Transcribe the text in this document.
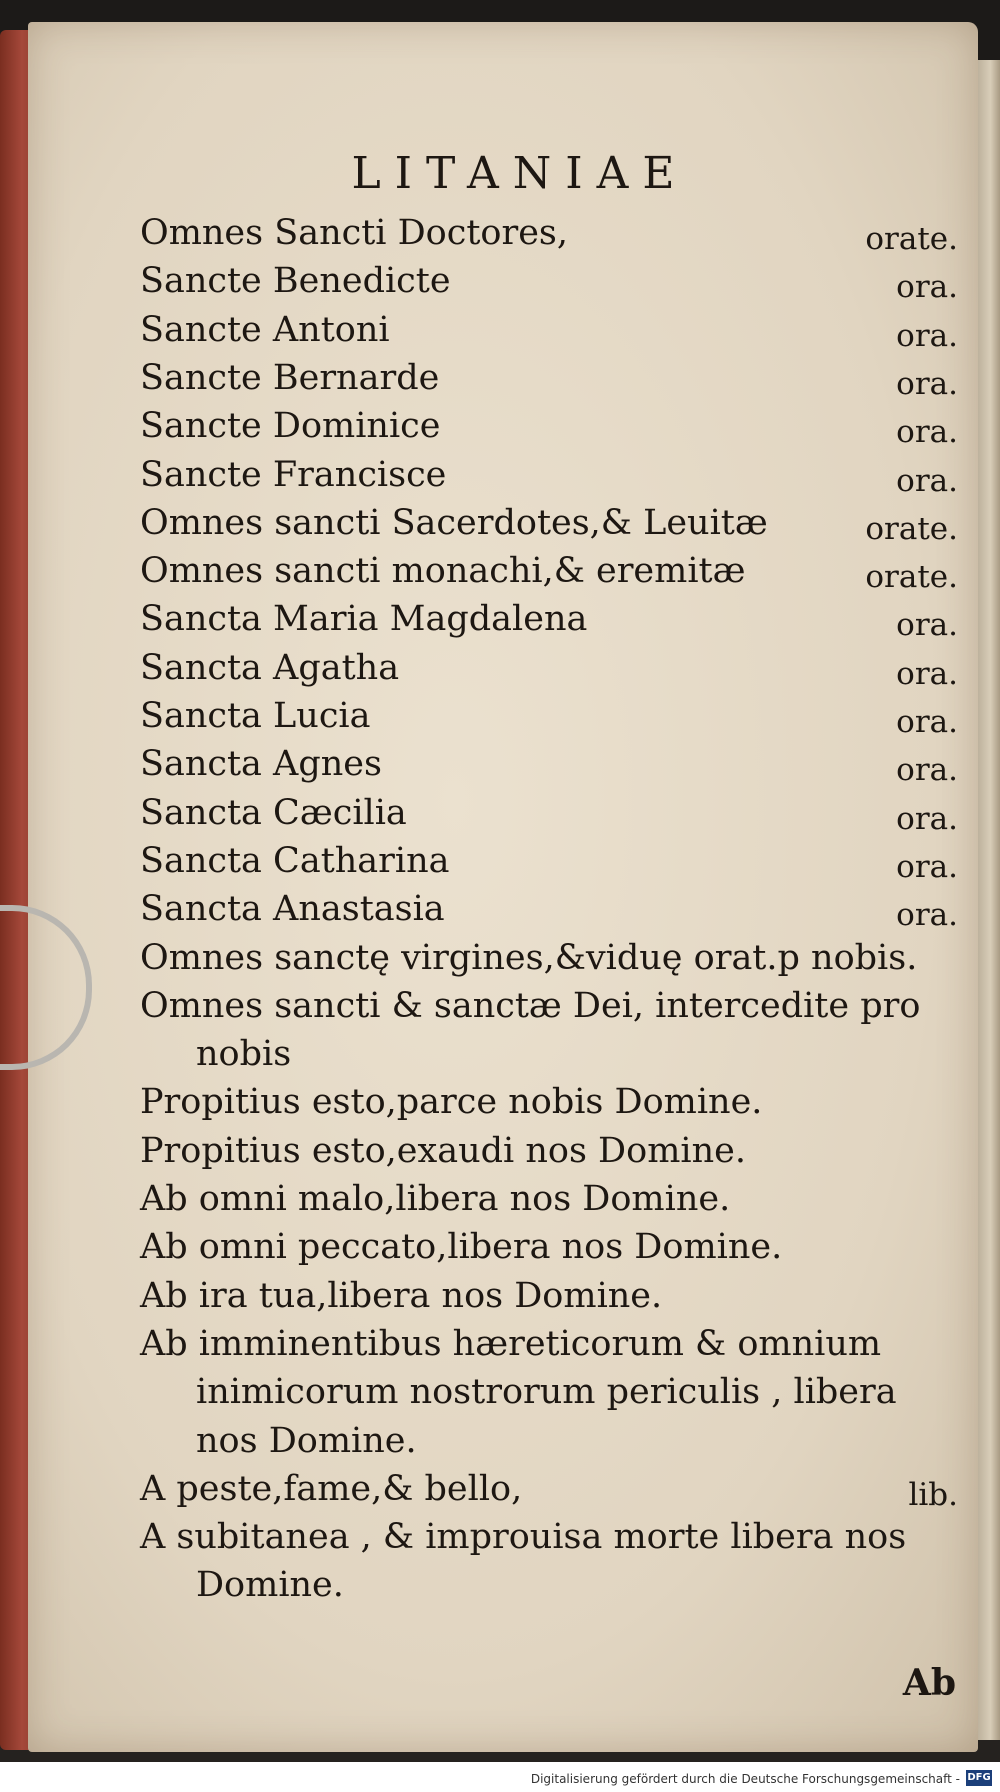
LITANIAE
Omnes Sancti Doctores,	orate.
Sancte Benedicte	ora.
Sancte Antoni	ora.
Sancte Bernarde	ora.
Sancte Dominice	ora.
Sancte Francisce	ora.
Omnes sancti Sacerdotes,& Leuitæ	orate.
Omnes sancti monachi,& eremitæ	orate.
Sancta Maria Magdalena	ora.
Sancta Agatha	ora.
Sancta Lucia	ora.
Sancta Agnes	ora.
Sancta Cæcilia	ora.
Sancta Catharina	ora.
Sancta Anastasia	ora.
Omnes sanctę virgines,&viduę orat.p nobis.
Omnes sancti & sanctæ Dei, intercedite pro
nobis
Propitius esto,parce nobis Domine.
Propitius esto,exaudi nos Domine.
Ab omni malo,libera nos Domine.
Ab omni peccato,libera nos Domine.
Ab ira tua,libera nos Domine.
Ab imminentibus hæreticorum & omnium
inimicorum nostrorum periculis , libera
nos Domine.
A peste,fame,& bello,	lib.
A subitanea , & improuisa morte libera nos
Domine.
Ab
Digitalisierung gefördert durch die Deutsche Forschungsgemeinschaft - DFG
